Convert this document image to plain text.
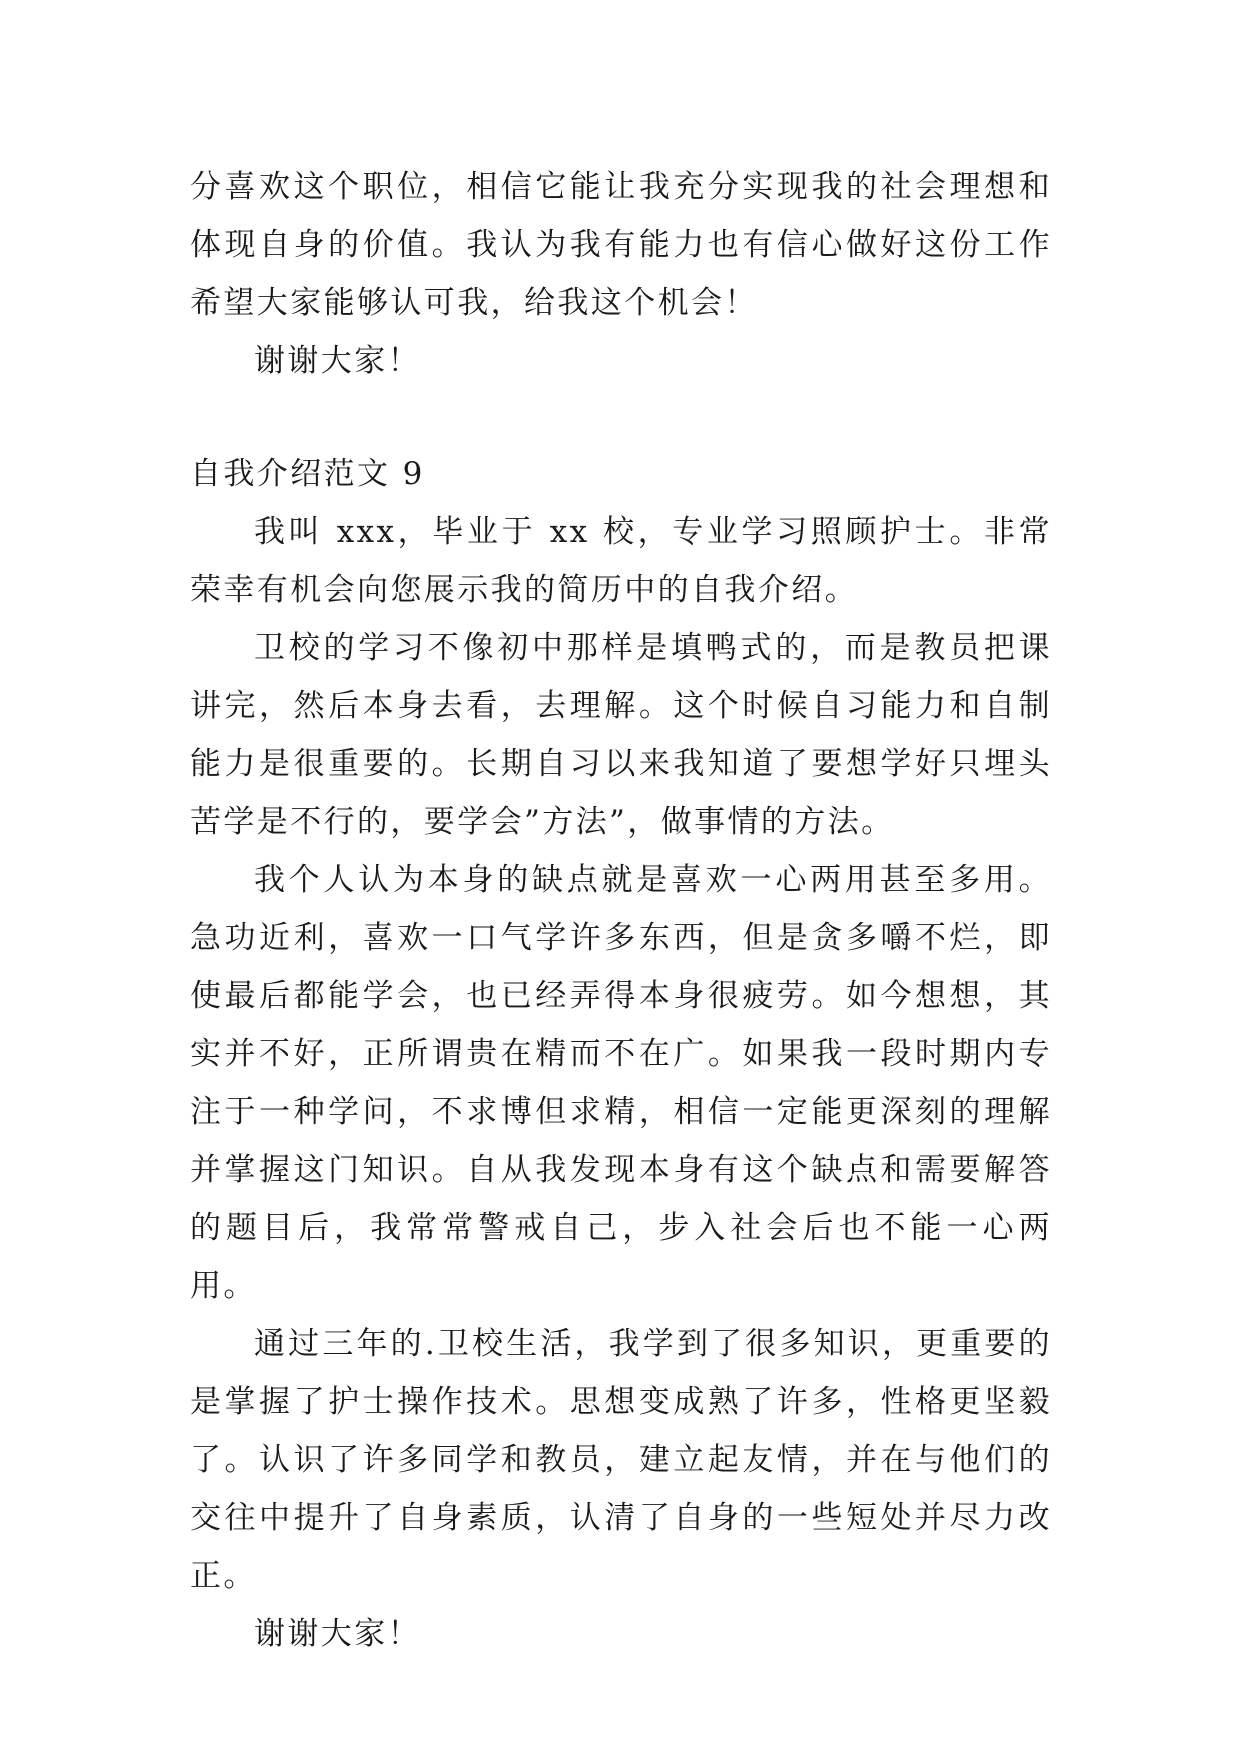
分喜欢这个职位，相信它能让我充分实现我的社会理想和体现自身的价值。我认为我有能力也有信心做好这份工作希望大家能够认可我，给我这个机会！

谢谢大家！

自我介绍范文 9

我叫 xxx，毕业于 xx 校，专业学习照顾护士。非常荣幸有机会向您展示我的简历中的自我介绍。

卫校的学习不像初中那样是填鸭式的，而是教员把课讲完，然后本身去看，去理解。这个时候自习能力和自制能力是很重要的。长期自习以来我知道了要想学好只埋头苦学是不行的，要学会”方法”，做事情的方法。

我个人认为本身的缺点就是喜欢一心两用甚至多用。急功近利，喜欢一口气学许多东西，但是贪多嚼不烂，即使最后都能学会，也已经弄得本身很疲劳。如今想想，其实并不好，正所谓贵在精而不在广。如果我一段时期内专注于一种学问，不求博但求精，相信一定能更深刻的理解并掌握这门知识。自从我发现本身有这个缺点和需要解答的题目后，我常常警戒自己，步入社会后也不能一心两用。

通过三年的.卫校生活，我学到了很多知识，更重要的是掌握了护士操作技术。思想变成熟了许多，性格更坚毅了。认识了许多同学和教员，建立起友情，并在与他们的交往中提升了自身素质，认清了自身的一些短处并尽力改正。

谢谢大家！
